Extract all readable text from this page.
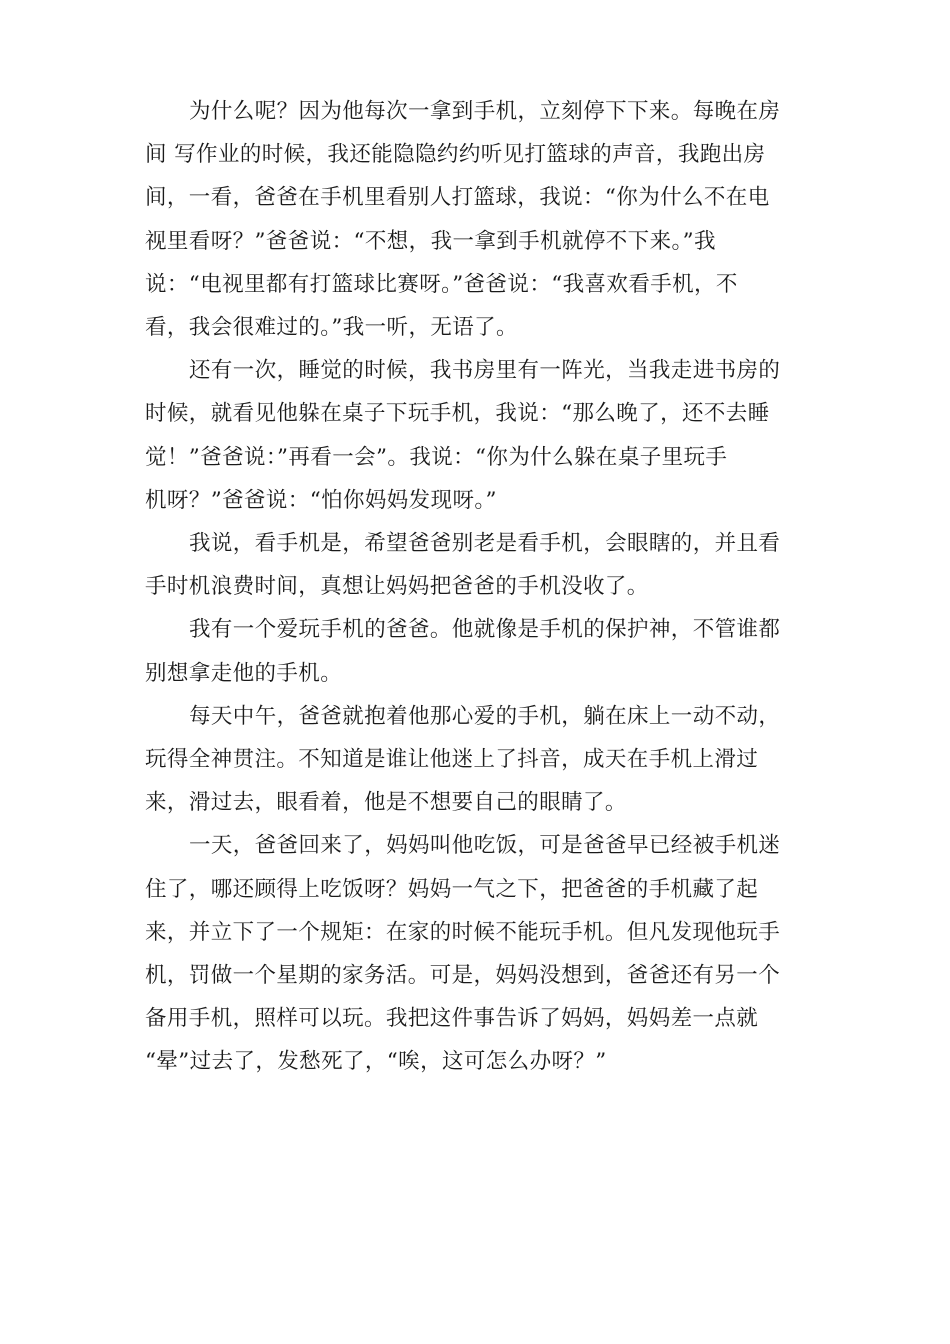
为什么呢？因为他每次一拿到手机，立刻停下下来。每晚在房
间 写作业的时候，我还能隐隐约约听见打篮球的声音，我跑出房
间，一看，爸爸在手机里看别人打篮球，我说：“你为什么不在电
视里看呀？”爸爸说：“不想，我一拿到手机就停不下来。”我
说：“电视里都有打篮球比赛呀。”爸爸说：“我喜欢看手机，不
看，我会很难过的。”我一听，无语了。

还有一次，睡觉的时候，我书房里有一阵光，当我走进书房的
时候，就看见他躲在桌子下玩手机，我说：“那么晚了，还不去睡
觉！”爸爸说：”再看一会”。我说：“你为什么躲在桌子里玩手
机呀？”爸爸说：“怕你妈妈发现呀。”

我说，看手机是，希望爸爸别老是看手机，会眼瞎的，并且看
手时机浪费时间，真想让妈妈把爸爸的手机没收了。

我有一个爱玩手机的爸爸。他就像是手机的保护神，不管谁都
别想拿走他的手机。

每天中午，爸爸就抱着他那心爱的手机，躺在床上一动不动，
玩得全神贯注。不知道是谁让他迷上了抖音，成天在手机上滑过
来，滑过去，眼看着，他是不想要自己的眼睛了。

一天，爸爸回来了，妈妈叫他吃饭，可是爸爸早已经被手机迷
住了，哪还顾得上吃饭呀？妈妈一气之下，把爸爸的手机藏了起
来，并立下了一个规矩：在家的时候不能玩手机。但凡发现他玩手
机，罚做一个星期的家务活。可是，妈妈没想到，爸爸还有另一个
备用手机，照样可以玩。我把这件事告诉了妈妈，妈妈差一点就
“晕”过去了，发愁死了，“唉，这可怎么办呀？”
